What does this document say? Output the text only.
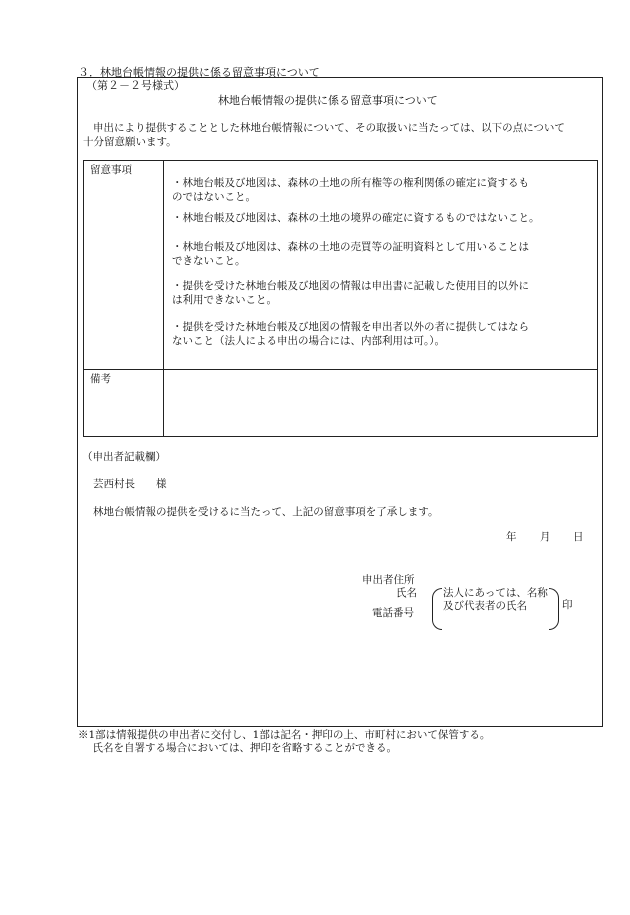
３．林地台帳情報の提供に係る留意事項について
（第２－２号様式）
林地台帳情報の提供に係る留意事項について
申出により提供することとした林地台帳情報について、その取扱いに当たっては、以下の点について
十分留意願います。
留意事項
・林地台帳及び地図は、森林の土地の所有権等の権利関係の確定に資するも
のではないこと。
・林地台帳及び地図は、森林の土地の境界の確定に資するものではないこと。
・林地台帳及び地図は、森林の土地の売買等の証明資料として用いることは
できないこと。
・提供を受けた林地台帳及び地図の情報は申出書に記載した使用目的以外に
は利用できないこと。
・提供を受けた林地台帳及び地図の情報を申出者以外の者に提供してはなら
ないこと（法人による申出の場合には、内部利用は可。）。
備考
（申出者記載欄）
芸西村長　　様
林地台帳情報の提供を受けるに当たって、上記の留意事項を了承します。
年 月 日
申出者住所
氏名
電話番号
法人にあっては、名称
及び代表者の氏名	印
※1部は情報提供の申出者に交付し、1部は記名・押印の上、市町村において保管する。
　氏名を自署する場合においては、押印を省略することができる。
